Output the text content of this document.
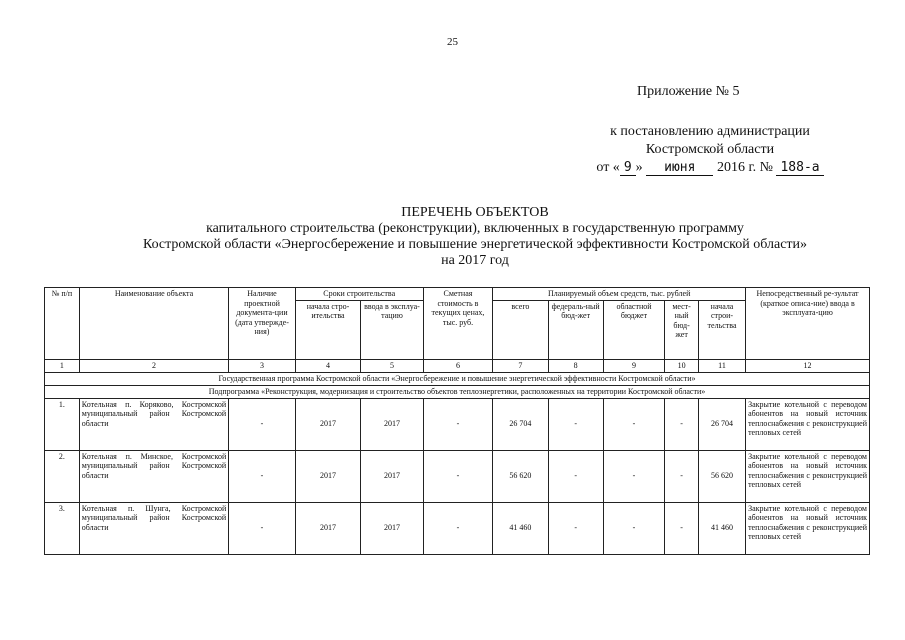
25
Приложение № 5
к постановлению администрации
Костромской области
от « 9 » июня 2016 г. № 188-а
ПЕРЕЧЕНЬ ОБЪЕКТОВ
капитального строительства (реконструкции), включенных в государственную программу
Костромской области «Энергосбережение и повышение энергетической эффективности Костромской области»
на 2017 год
№ п/п	Наименование объекта	Наличие проектной документа-ции (дата утвержде-ния)	Сроки строительства		Сметная стоимость в текущих ценах, тыс. руб.	Планируемый объем средств, тыс. рублей					Непосредственный ре-зультат (краткое описа-ние) ввода в эксплуата-цию
			начала стро-ительства	ввода в эксплуа-тацию		всего	федераль-ный бюд-жет	областной бюджет	мест-ный бюд-жет	начала строи-тельства	
1	2	3	4	5	6	7	8	9	10	11	12
Государственная программа Костромской области «Энергосбережение и повышение энергетической эффективности Костромской области»											
Подпрограмма «Реконструкция, модернизация и строительство объектов теплоэнергетики, расположенных на территории Костромской области»											
1.	Котельная п. Коряково, Костромской муниципальный район Костромской области	-	2017	2017	-	26 704	-	-	-	26 704	Закрытие котельной с переводом абонентов на новый источник теплоснабжения с реконструкцией тепловых сетей
2.	Котельная п. Минское, Костромской муниципальный район Костромской области	-	2017	2017	-	56 620	-	-	-	56 620	Закрытие котельной с переводом абонентов на новый источник теплоснабжения с реконструкцией тепловых сетей
3.	Котельная п. Шунга, Костромской муниципальный район Костромской области	-	2017	2017	-	41 460	-	-	-	41 460	Закрытие котельной с переводом абонентов на новый источник теплоснабжения с реконструкцией тепловых сетей
